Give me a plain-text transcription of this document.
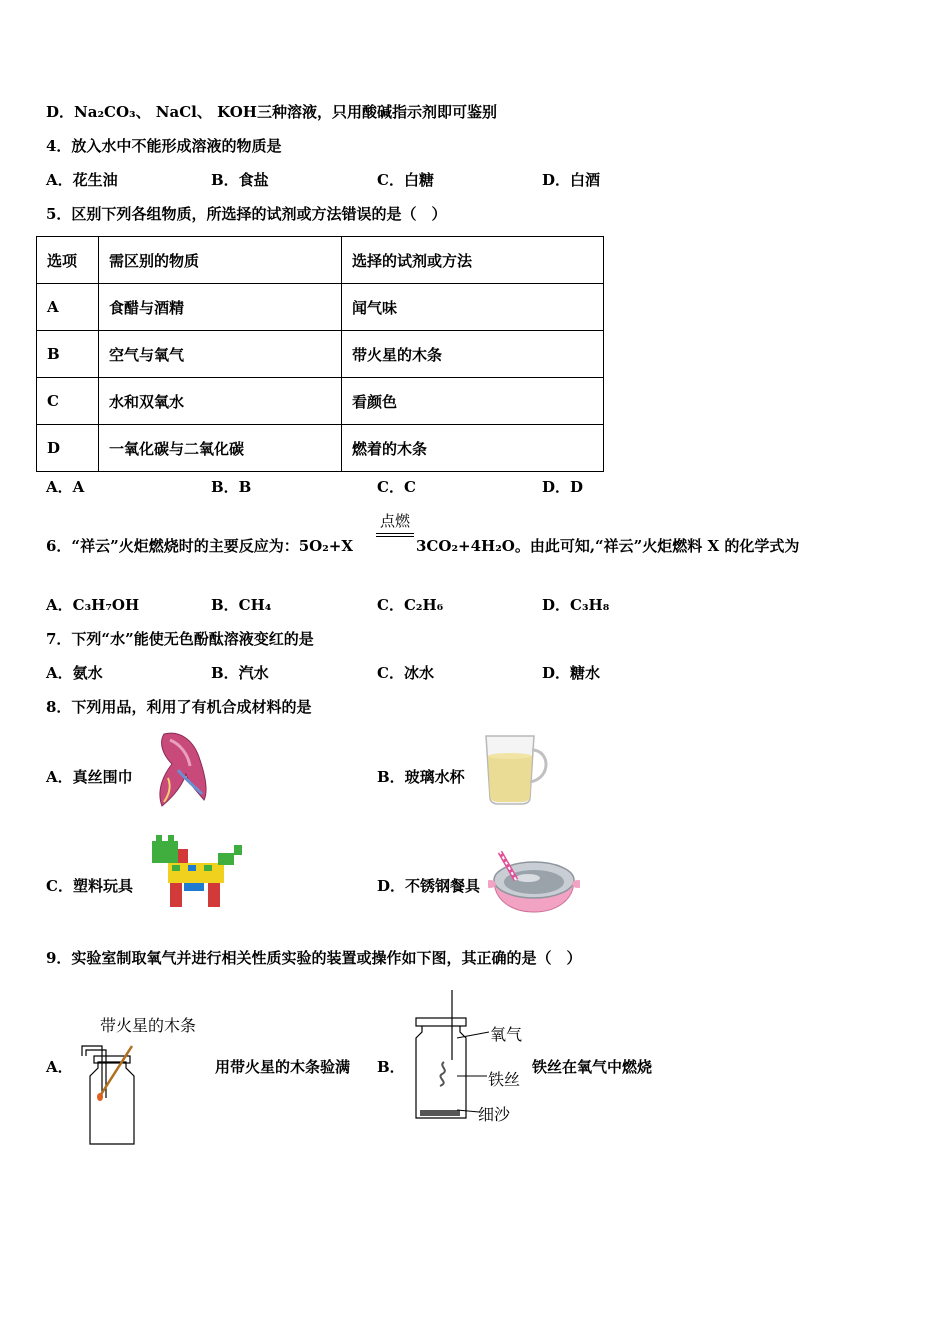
D．Na₂CO₃、 NaCl、 KOH三种溶液，只用酸碱指示剂即可鉴别
4．放入水中不能形成溶液的物质是
A．花生油	B．食盐	C．白糖	D．白酒
5．区别下列各组物质，所选择的试剂或方法错误的是（　）
选项	需区别的物质	选择的试剂或方法
A	食醋与酒精	闻气味
B	空气与氧气	带火星的木条
C	水和双氧水	看颜色
D	一氧化碳与二氧化碳	燃着的木条
A．A	B．B	C．C	D．D
6．“祥云”火炬燃烧时的主要反应为：5O₂+X
点燃
3CO₂+4H₂O。由此可知,“祥云”火炬燃料 X 的化学式为
A．C₃H₇OH	B．CH₄	C．C₂H₆	D．C₃H₈
7．下列“水”能使无色酚酞溶液变红的是
A．氨水	B．汽水	C．冰水	D．糖水
8．下列用品，利用了有机合成材料的是
A．真丝围巾	B．玻璃水杯
C．塑料玩具	D．不锈钢餐具
9．实验室制取氧气并进行相关性质实验的装置或操作如下图，其正确的是（　）
A．
带火星的木条
用带火星的木条验满 B．
氧气
铁丝
细沙
铁丝在氧气中燃烧
